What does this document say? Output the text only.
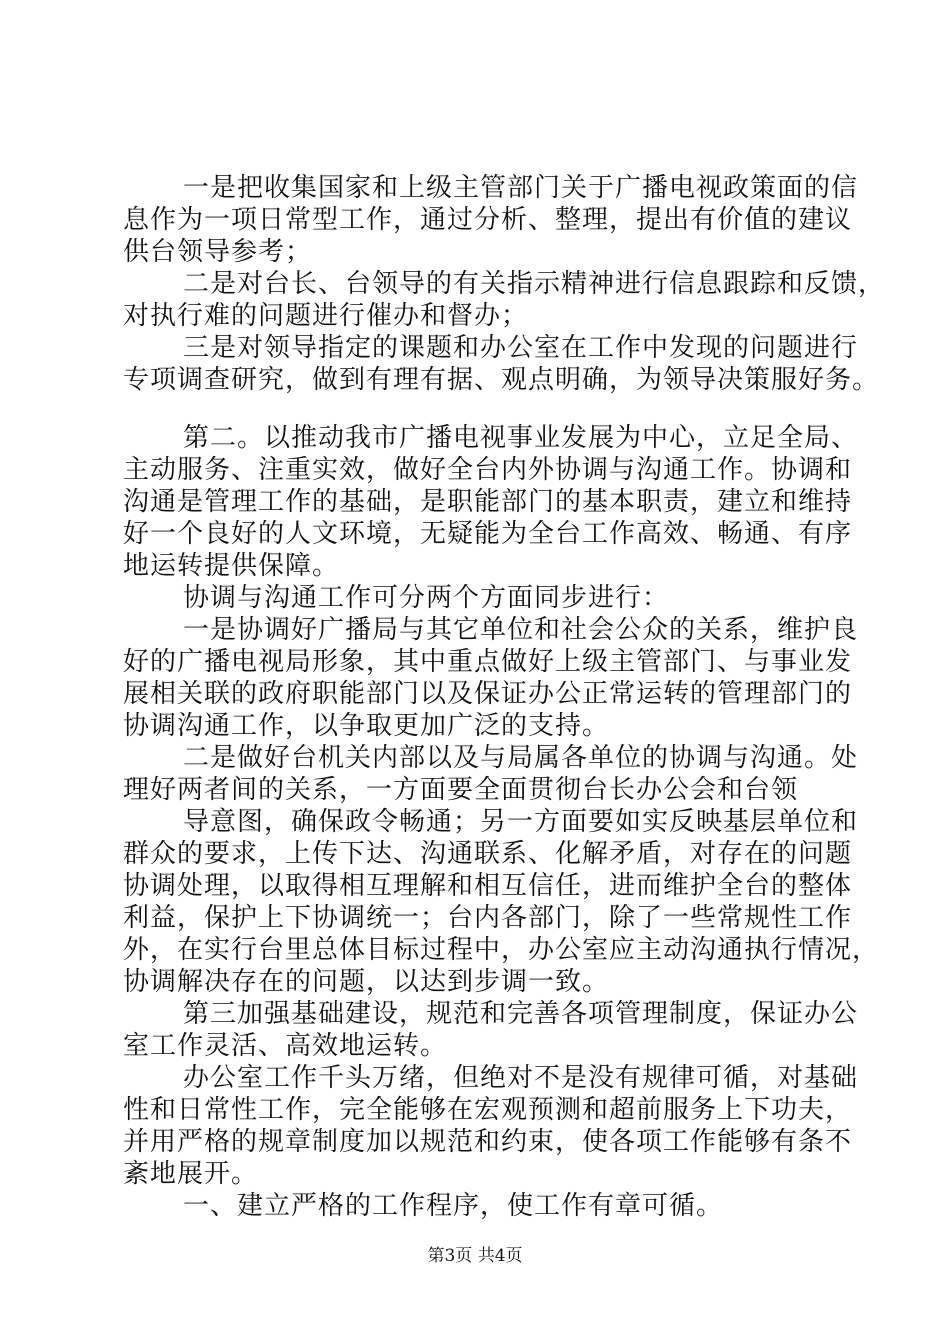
一是把收集国家和上级主管部门关于广播电视政策面的信
息作为一项日常型工作，通过分析、整理，提出有价值的建议
供台领导参考；
二是对台长、台领导的有关指示精神进行信息跟踪和反馈，
对执行难的问题进行催办和督办；
三是对领导指定的课题和办公室在工作中发现的问题进行
专项调查研究，做到有理有据、观点明确，为领导决策服好务。
第二。以推动我市广播电视事业发展为中心，立足全局、
主动服务、注重实效，做好全台内外协调与沟通工作。协调和
沟通是管理工作的基础，是职能部门的基本职责，建立和维持
好一个良好的人文环境，无疑能为全台工作高效、畅通、有序
地运转提供保障。
协调与沟通工作可分两个方面同步进行：
一是协调好广播局与其它单位和社会公众的关系，维护良
好的广播电视局形象，其中重点做好上级主管部门、与事业发
展相关联的政府职能部门以及保证办公正常运转的管理部门的
协调沟通工作，以争取更加广泛的支持。
二是做好台机关内部以及与局属各单位的协调与沟通。处
理好两者间的关系，一方面要全面贯彻台长办公会和台领
导意图，确保政令畅通；另一方面要如实反映基层单位和
群众的要求，上传下达、沟通联系、化解矛盾，对存在的问题
协调处理，以取得相互理解和相互信任，进而维护全台的整体
利益，保护上下协调统一；台内各部门，除了一些常规性工作
外，在实行台里总体目标过程中，办公室应主动沟通执行情况，
协调解决存在的问题，以达到步调一致。
第三加强基础建设，规范和完善各项管理制度，保证办公
室工作灵活、高效地运转。
办公室工作千头万绪，但绝对不是没有规律可循，对基础
性和日常性工作，完全能够在宏观预测和超前服务上下功夫，
并用严格的规章制度加以规范和约束，使各项工作能够有条不
紊地展开。
一、建立严格的工作程序，使工作有章可循。
第3页 共4页
